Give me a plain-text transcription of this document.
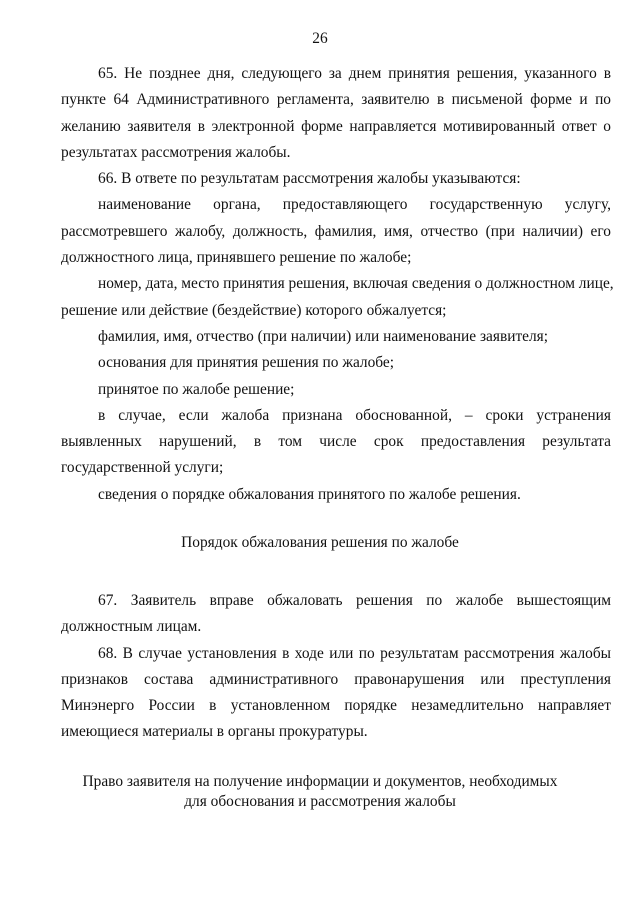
26
65. Не позднее дня, следующего за днем принятия решения, указанного в
пункте 64 Административного регламента, заявителю в письменой форме и по
желанию заявителя в электронной форме направляется мотивированный ответ о
результатах рассмотрения жалобы.
66. В ответе по результатам рассмотрения жалобы указываются:
наименование органа, предоставляющего государственную услугу,
рассмотревшего жалобу, должность, фамилия, имя, отчество (при наличии) его
должностного лица, принявшего решение по жалобе;
номер, дата, место принятия решения, включая сведения о должностном лице,
решение или действие (бездействие) которого обжалуется;
фамилия, имя, отчество (при наличии) или наименование заявителя;
основания для принятия решения по жалобе;
принятое по жалобе решение;
в случае, если жалоба признана обоснованной, – сроки устранения
выявленных нарушений, в том числе срок предоставления результата
государственной услуги;
сведения о порядке обжалования принятого по жалобе решения.
Порядок обжалования решения по жалобе
67. Заявитель вправе обжаловать решения по жалобе вышестоящим
должностным лицам.
68. В случае установления в ходе или по результатам рассмотрения жалобы
признаков состава административного правонарушения или преступления
Минэнерго России в установленном порядке незамедлительно направляет
имеющиеся материалы в органы прокуратуры.
Право заявителя на получение информации и документов, необходимых
для обоснования и рассмотрения жалобы
